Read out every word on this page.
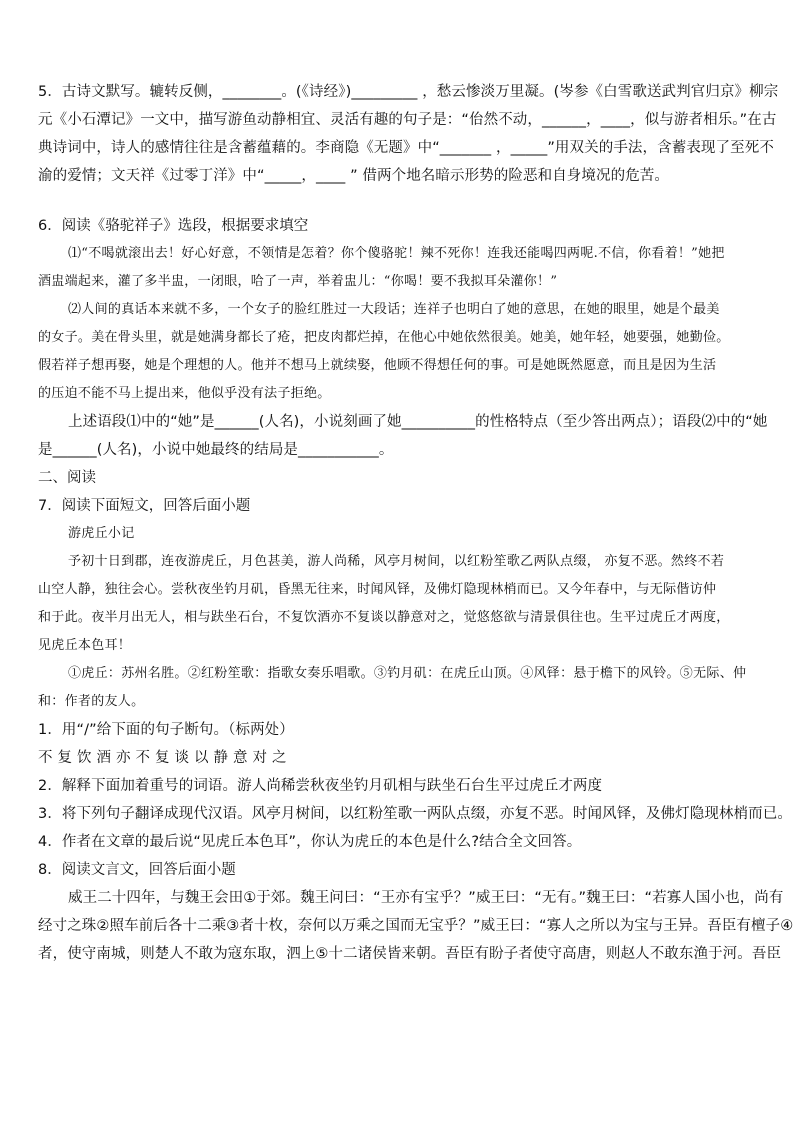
5．古诗文默写。辘转反侧，________。(《诗经》)_________ ，愁云惨淡万里凝。(岑参《白雪歌送武判官归京》柳宗
元《小石潭记》一文中，描写游鱼动静相宜、灵活有趣的句子是：“佁然不动，______，____，似与游者相乐。”在古
典诗词中，诗人的感情往往是含蓄蕴藉的。李商隐《无题》中“_______ ，_____”用双关的手法，含蓄表现了至死不
渝的爱情；文天祥《过零丁洋》中“_____，____ ” 借两个地名暗示形势的险恶和自身境况的危苦。
6．阅读《骆驼祥子》选段，根据要求填空
⑴“不喝就滚出去！好心好意，不领情是怎着？你个傻骆驼！辣不死你！连我还能喝四两呢.不信，你看着！”她把
酒盅端起来，灌了多半盅，一闭眼，哈了一声，举着盅儿：“你喝！要不我拟耳朵灌你！”
⑵人间的真话本来就不多，一个女子的脸红胜过一大段话；连祥子也明白了她的意思，在她的眼里，她是个最美
的女子。美在骨头里，就是她满身都长了疮，把皮肉都烂掉，在他心中她依然很美。她美，她年轻，她要强，她勤俭。
假若祥子想再娶，她是个理想的人。他并不想马上就续娶，他顾不得想任何的事。可是她既然愿意，而且是因为生活
的压迫不能不马上提出来，他似乎没有法子拒绝。
上述语段⑴中的“她”是______(人名)，小说刻画了她__________的性格特点（至少答出两点）；语段⑵中的“她
是______(人名)，小说中她最终的结局是___________。
二、阅读
7．阅读下面短文，回答后面小题
游虎丘小记
予初十日到郡，连夜游虎丘，月色甚美，游人尚稀，风亭月树间，以红粉笙歌乙两队点缀， 亦复不恶。然终不若
山空人静，独往会心。尝秋夜坐钓月矶，昏黑无往来，时闻风铎，及佛灯隐现林梢而已。又今年春中，与无际偕访仲
和于此。夜半月出无人，相与趺坐石台，不复饮酒亦不复谈以静意对之，觉悠悠欲与清景俱往也。生平过虎丘才两度，
见虎丘本色耳！
①虎丘：苏州名胜。②红粉笙歌：指歌女奏乐唱歌。③钓月矶：在虎丘山顶。④风铎：悬于檐下的风铃。⑤无际、仲
和：作者的友人。
1．用“/”给下面的句子断句。（标两处）
不复饮酒亦不复谈以静意对之
2．解释下面加着重号的词语。游人尚稀尝秋夜坐钓月矶相与趺坐石台生平过虎丘才两度
3．将下列句子翻译成现代汉语。风亭月树间，以红粉笙歌一两队点缀，亦复不恶。时闻风铎，及佛灯隐现林梢而已。
4．作者在文章的最后说“见虎丘本色耳”，你认为虎丘的本色是什么?结合全文回答。
8．阅读文言文，回答后面小题
威王二十四年，与魏王会田①于郊。魏王问曰：“王亦有宝乎？”威王曰：“无有。”魏王曰：“若寡人国小也，尚有
经寸之珠②照车前后各十二乘③者十枚，奈何以万乘之国而无宝乎？”威王曰：“寡人之所以为宝与王异。吾臣有檀子④
者，使守南城，则楚人不敢为寇东取，泗上⑤十二诸侯皆来朝。吾臣有盼子者使守高唐，则赵人不敢东渔于河。吾臣
